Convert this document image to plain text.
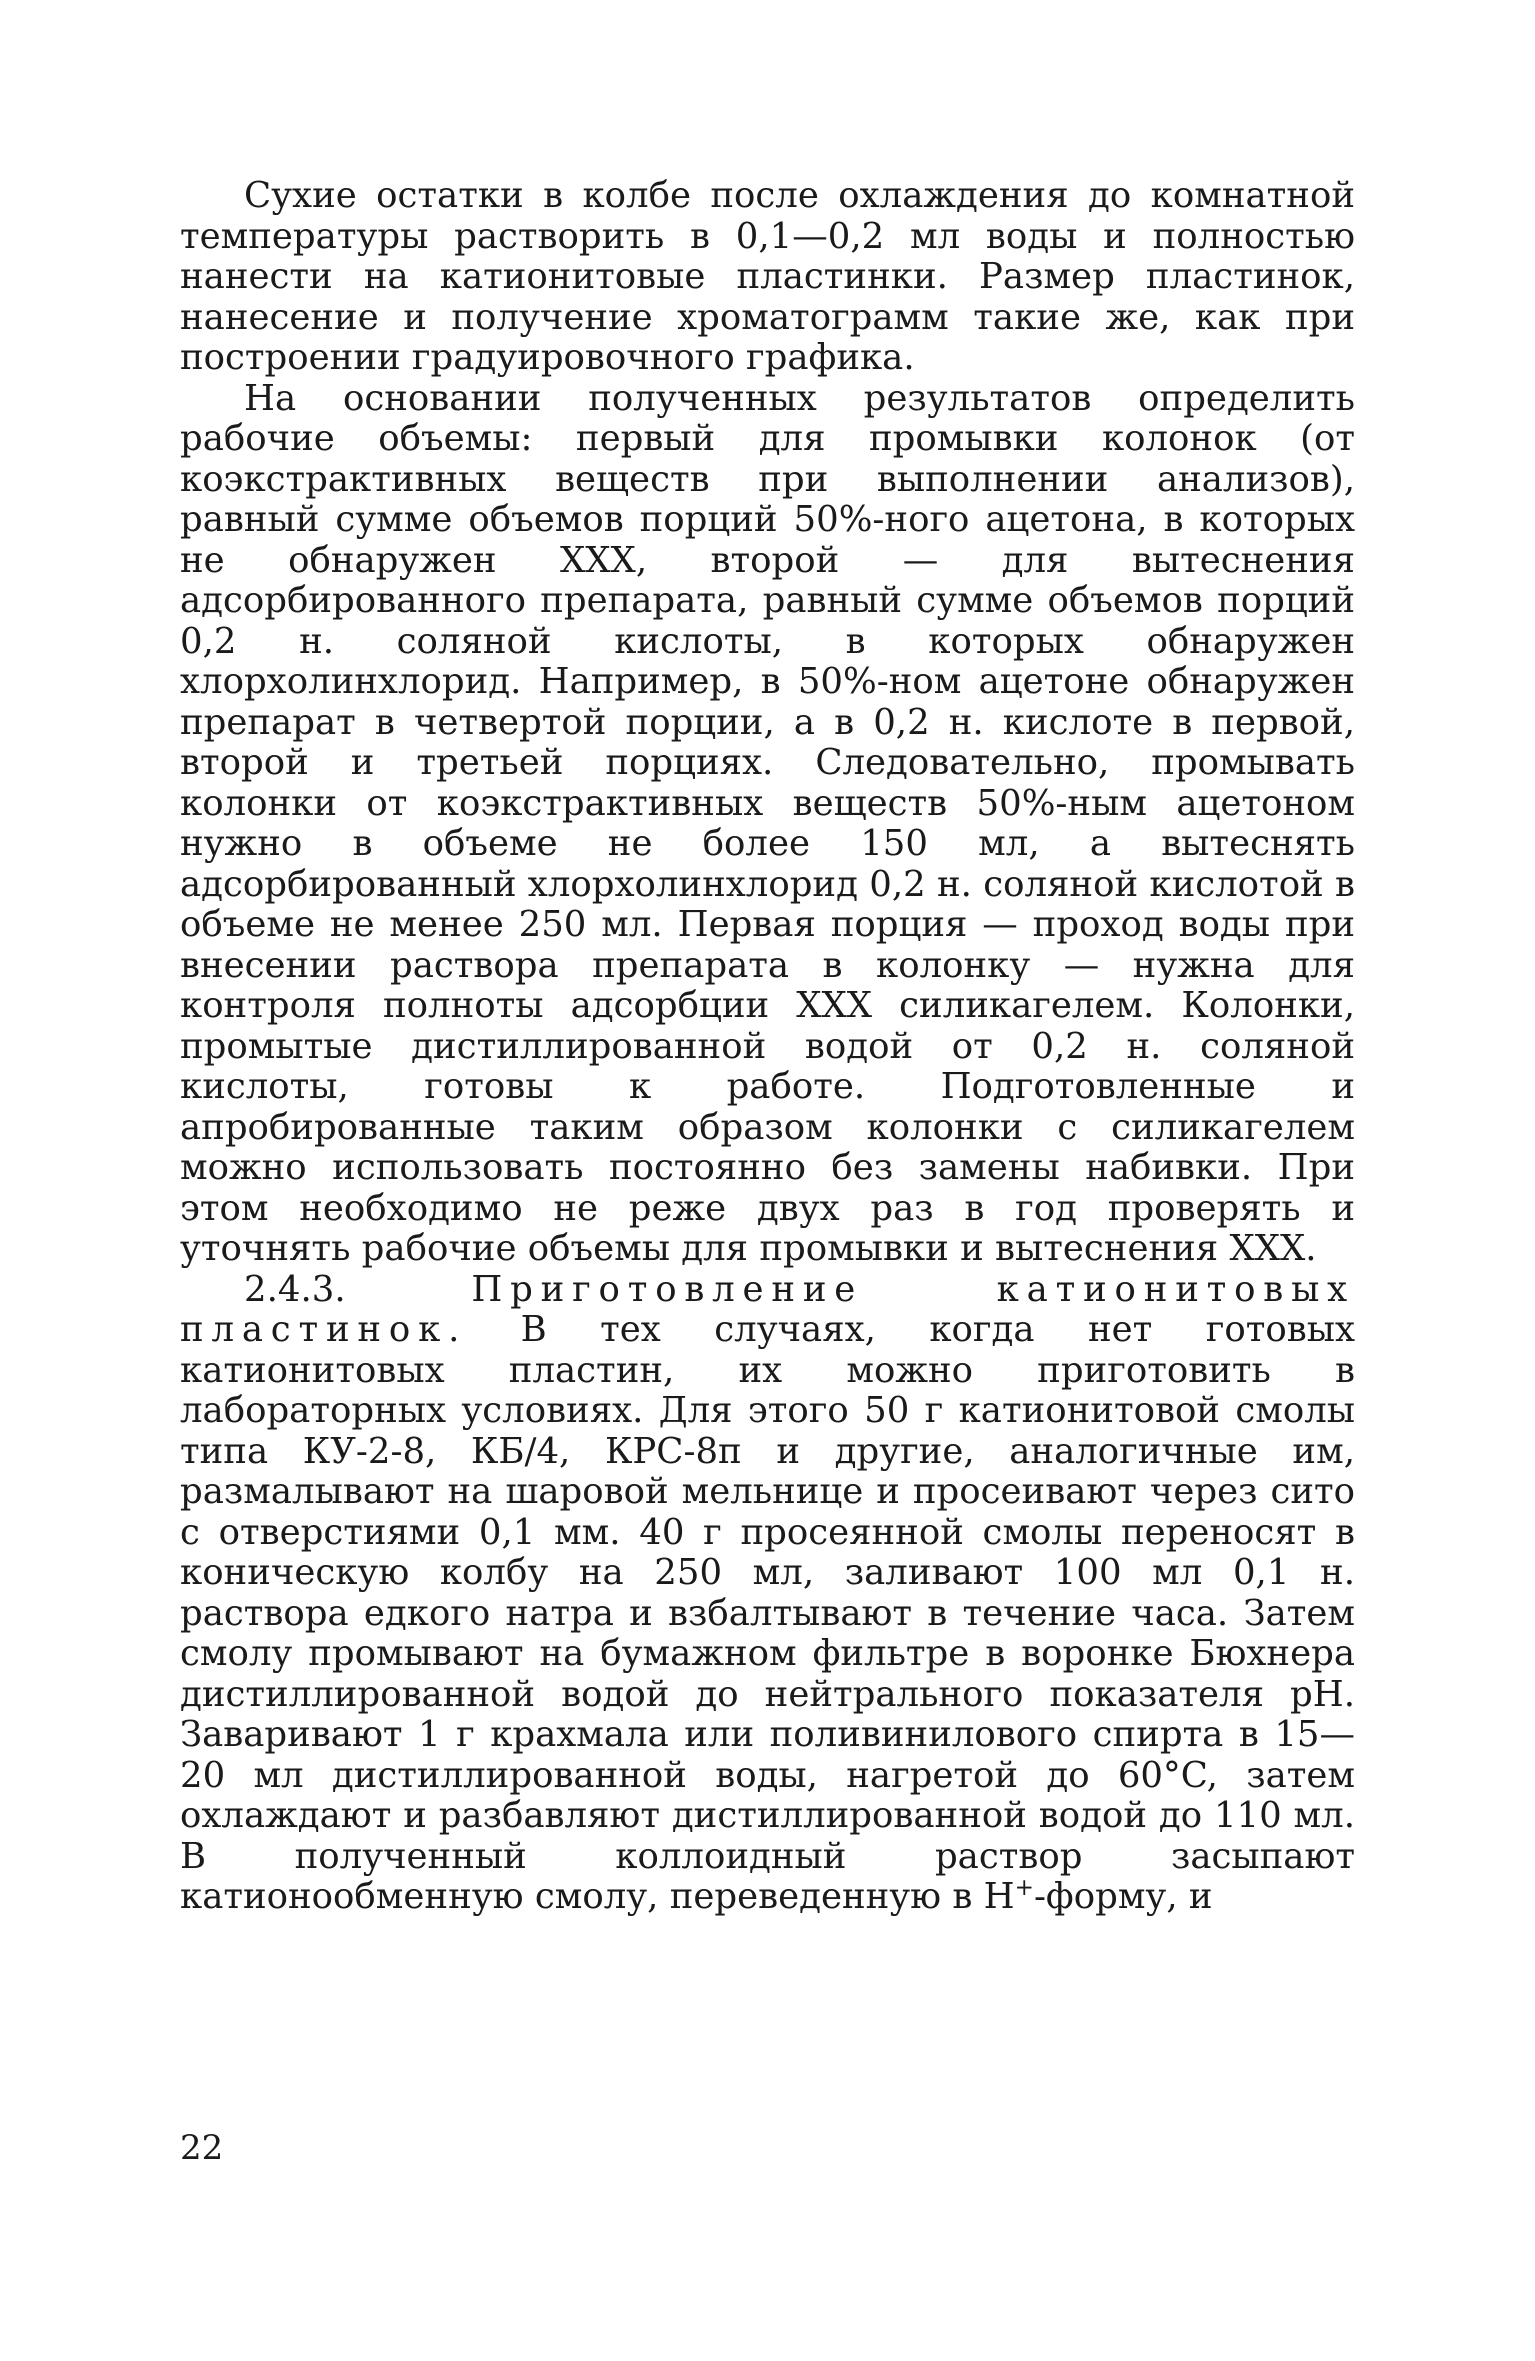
Сухие остатки в колбе после охлаждения до комнатной температуры растворить в 0,1—0,2 мл воды и полностью нанести на катионитовые пластинки. Размер пластинок, нанесение и получение хроматограмм такие же, как при построении градуировочного графика.

На основании полученных результатов определить рабочие объемы: первый для промывки колонок (от коэкстрактивных веществ при выполнении анализов), равный сумме объемов порций 50%-ного ацетона, в которых не обнаружен XXX, второй — для вытеснения адсорбированного препарата, равный сумме объемов порций 0,2 н. соляной кислоты, в которых обнаружен хлорхолинхлорид. Например, в 50%-ном ацетоне обнаружен препарат в четвертой порции, а в 0,2 н. кислоте в первой, второй и третьей порциях. Следовательно, промывать колонки от коэкстрактивных веществ 50%-ным ацетоном нужно в объеме не более 150 мл, а вытеснять адсорбированный хлорхолинхлорид 0,2 н. соляной кислотой в объеме не менее 250 мл. Первая порция — проход воды при внесении раствора препарата в колонку — нужна для контроля полноты адсорбции XXX силикагелем. Колонки, промытые дистиллированной водой от 0,2 н. соляной кислоты, готовы к работе. Подготовленные и апробированные таким образом колонки с силикагелем можно использовать постоянно без замены набивки. При этом необходимо не реже двух раз в год проверять и уточнять рабочие объемы для промывки и вытеснения XXX.

2.4.3.	Приготовление катионитовых пластинок. В тех случаях, когда нет готовых катионитовых пластин, их можно приготовить в лабораторных условиях. Для этого 50 г катионитовой смолы типа КУ-2-8, КБ/4, КРС-8п и другие, аналогичные им, размалывают на шаровой мельнице и просеивают через сито с отверстиями 0,1 мм. 40 г просеянной смолы переносят в коническую колбу на 250 мл, заливают 100 мл 0,1 н. раствора едкого натра и взбалтывают в течение часа. Затем смолу промывают на бумажном фильтре в воронке Бюхнера дистиллированной водой до нейтрального показателя pH. Заваривают 1 г крахмала или поливинилового спирта в 15—20 мл дистиллированной воды, нагретой до 60°C, затем охлаждают и разбавляют дистиллированной водой до 110 мл. В полученный коллоидный раствор засыпают катионообменную смолу, переведенную в H+-форму, и

22
